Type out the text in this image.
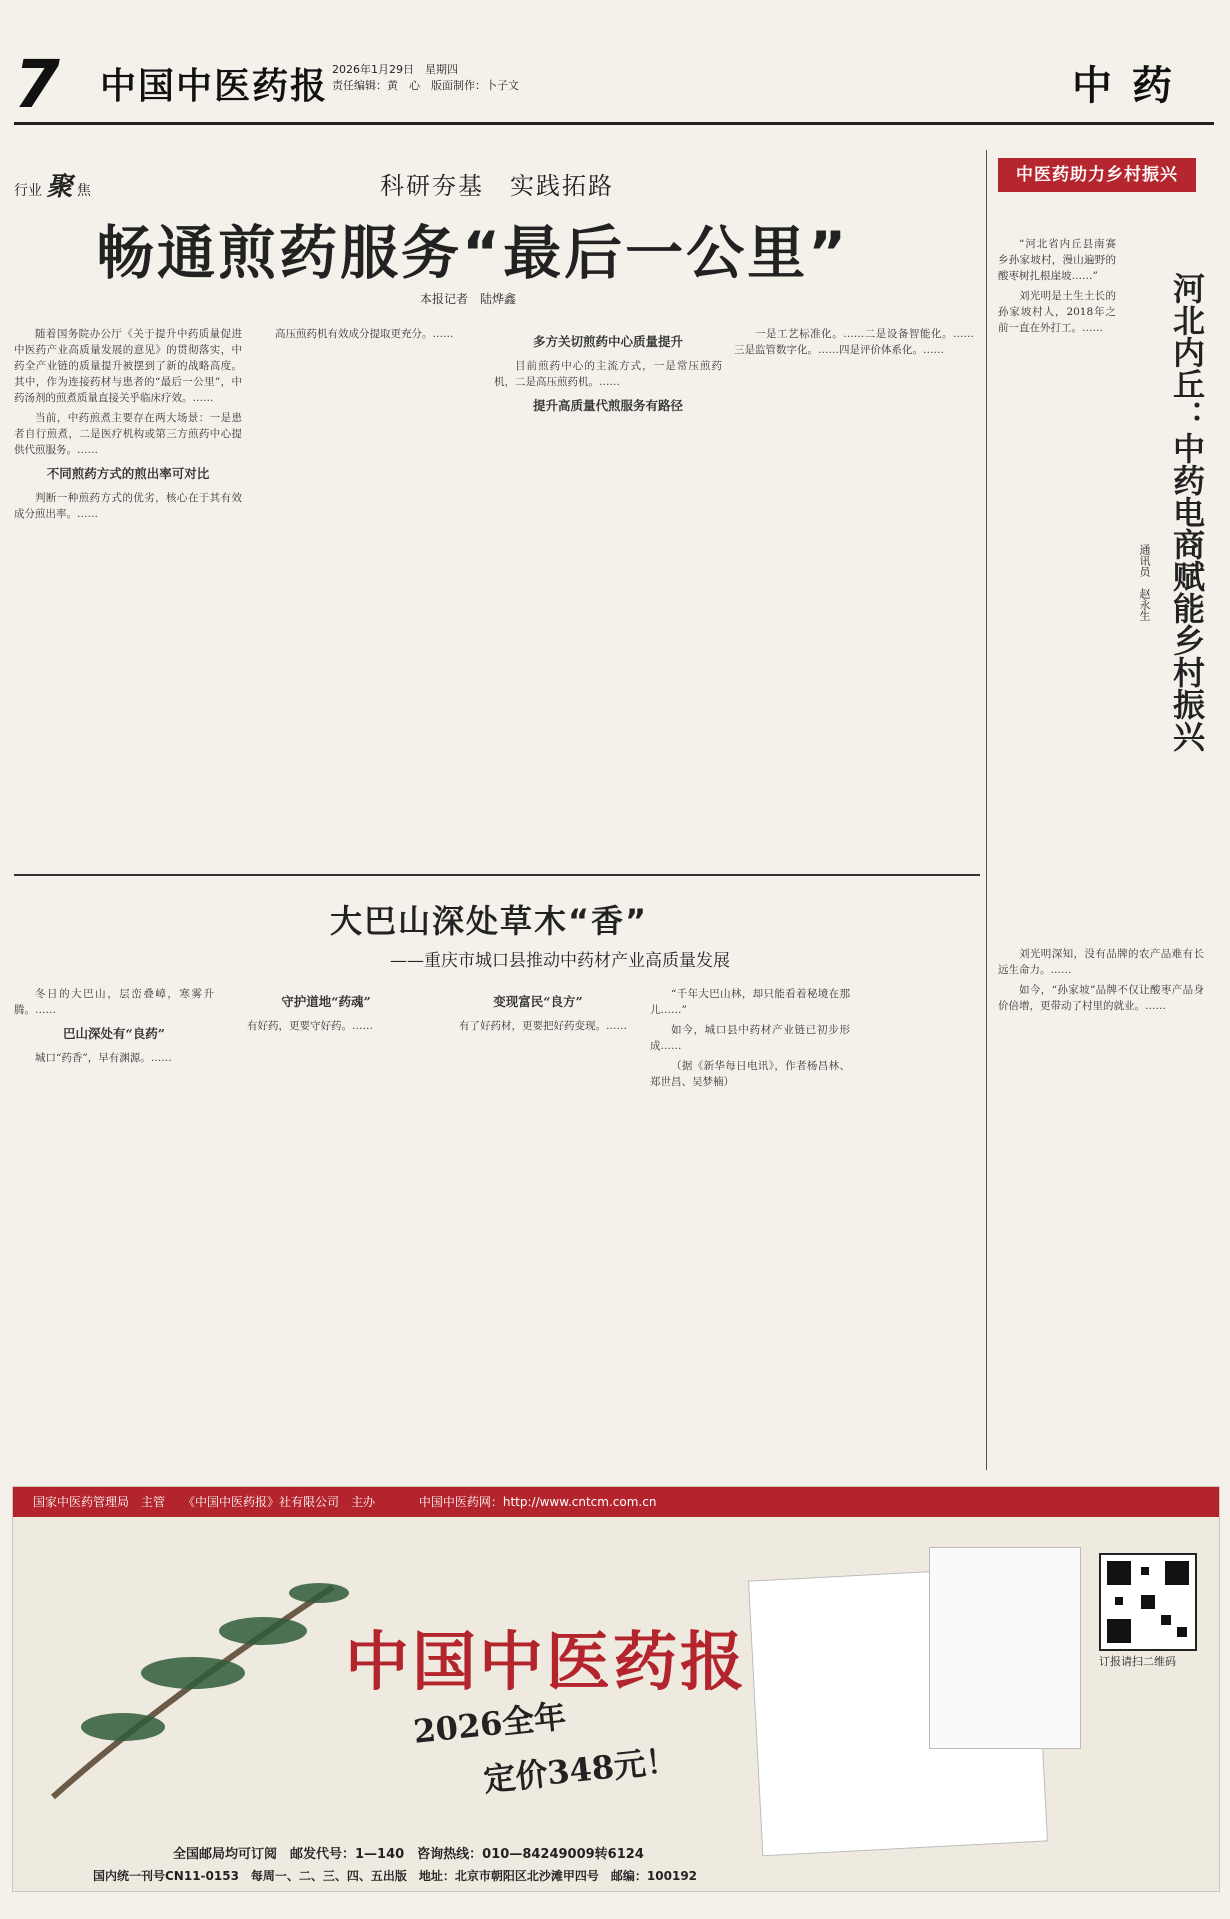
7	中国中医药报 2026年1月29日　星期四
责任编辑：黄　心　版面制作：卜子文	中药
行业 聚 焦	科研夯基　实践拓路
畅通煎药服务“最后一公里”
本报记者　陆烨鑫

随着国务院办公厅《关于提升中药质量促进中医药产业高质量发展的意见》的贯彻落实，中药全产业链的质量提升被摆到了新的战略高度。其中，作为连接药材与患者的“最后一公里”，中药汤剂的煎煮质量直接关乎临床疗效。……

当前，中药煎煮主要存在两大场景：一是患者自行煎煮，二是医疗机构或第三方煎药中心提供代煎服务。……

不同煎药方式的煎出率可对比

判断一种煎药方式的优劣，核心在于其有效成分煎出率。……

高压煎药机有效成分提取更充分。……	多方关切煎药中心质量提升

目前煎药中心的主流方式，一是常压煎药机，二是高压煎药机。……

提升高质量代煎服务有路径

一是工艺标准化。……二是设备智能化。……三是监管数字化。……四是评价体系化。……

中医药助力乡村振兴
河北内丘：中药电商赋能乡村振兴
通讯员　赵永生

“河北省内丘县南赛乡孙家坡村，漫山遍野的酸枣树扎根崖坡……”

刘光明是土生土长的孙家坡村人，2018年之前一直在外打工。……

刘光明深知，没有品牌的农产品难有长远生命力。……

如今，“孙家坡”品牌不仅让酸枣产品身价倍增，更带动了村里的就业。……

大巴山深处草木“香”
——重庆市城口县推动中药材产业高质量发展

冬日的大巴山，层峦叠嶂，寒雾升腾。……

巴山深处有“良药”

城口“药香”，早有渊源。……

守护道地“药魂”

有好药，更要守好药。……

变现富民“良方”

有了好药材，更要把好药变现。……

“千年大巴山林，却只能看着秘境在那儿……”

如今，城口县中药材产业链已初步形成……

（据《新华每日电讯》，作者杨昌林、郑世昌、吴梦楠）

国家中医药管理局　主管　　《中国中医药报》社有限公司　主办	中国中医药网：http://www.cntcm.com.cn
中国中医药报
2026全年
定价348元！
订报请扫二维码
全国邮局均可订阅　邮发代号：1—140　咨询热线：010—84249009转6124
国内统一刊号CN11-0153　每周一、二、三、四、五出版　地址：北京市朝阳区北沙滩甲四号　邮编：100192
